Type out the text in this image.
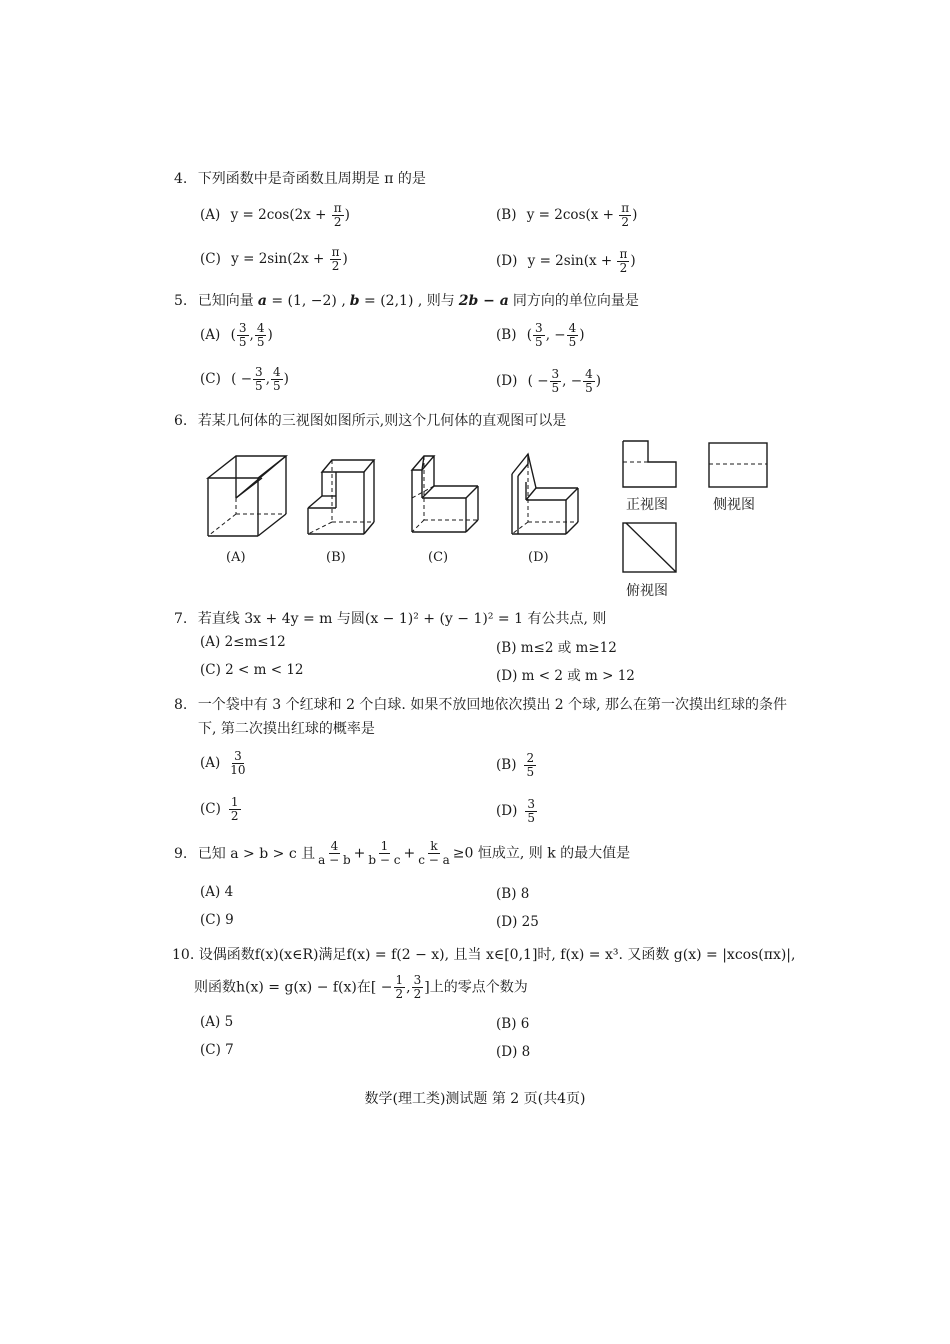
4. 下列函数中是奇函数且周期是 π 的是
(A) $y = 2\cos(2x + \frac{\pi}{2}$ )	(B) $y = 2\cos(x + \frac{\pi}{2}$ )
(C) $y = 2\sin(2x + \frac{\pi}{2}$ )	(D) $y = 2\sin(x + \frac{\pi}{2}$ )
5. 已知向量 a = (1, −2) , b = (2,1) , 则与 2b − a 同方向的单位向量是
(A) ( $\frac{3}{5}$ , $\frac{4}{5}$ )	(B) ( $\frac{3}{5}$ , − $\frac{4}{5}$ )
(C) ( − $\frac{3}{5}$ , $\frac{4}{5}$ )	(D) ( − $\frac{3}{5}$ , − $\frac{4}{5}$ )
6. 若某几何体的三视图如图所示,则这个几何体的直观图可以是
(A)	(B)	(C)	(D)
正视图	侧视图
俯视图
7. 若直线 3x + 4y = m 与圆(x − 1)² + (y − 1)² = 1 有公共点, 则
(A) 2≤m≤12	(B) m≤2 或 m≥12
(C) 2 < m < 12	(D) m < 2 或 m > 12
8. 一个袋中有 3 个红球和 2 个白球. 如果不放回地依次摸出 2 个球, 那么在第一次摸出红球的条件
下, 第二次摸出红球的概率是
$(A) \frac{3}{10}$	$(B) \frac{2}{5}$
$(C) \frac{1}{2}$	$(D) \frac{3}{5}$
9. 已知 a > b > c 且 $\frac{4}{a - b} + \frac{1}{b - c} + \frac{k}{c - a} \ge 0$ 恒成立, 则 k 的最大值是
(A) 4	(B) 8
(C) 9	(D) 25
10. 设偶函数f(x)(x∈R)满足f(x) = f(2 − x), 且当 x∈[0,1]时, f(x) = x³. 又函数 g(x) = |xcos(πx)|,
则函数h(x) = g(x) − f(x)在[ − $\frac{1}{2}$ , $\frac{3}{2}$ ]上的零点个数为
(A) 5	(B) 6
(C) 7	(D) 8
数学(理工类)测试题 第 2 页(共4页)
